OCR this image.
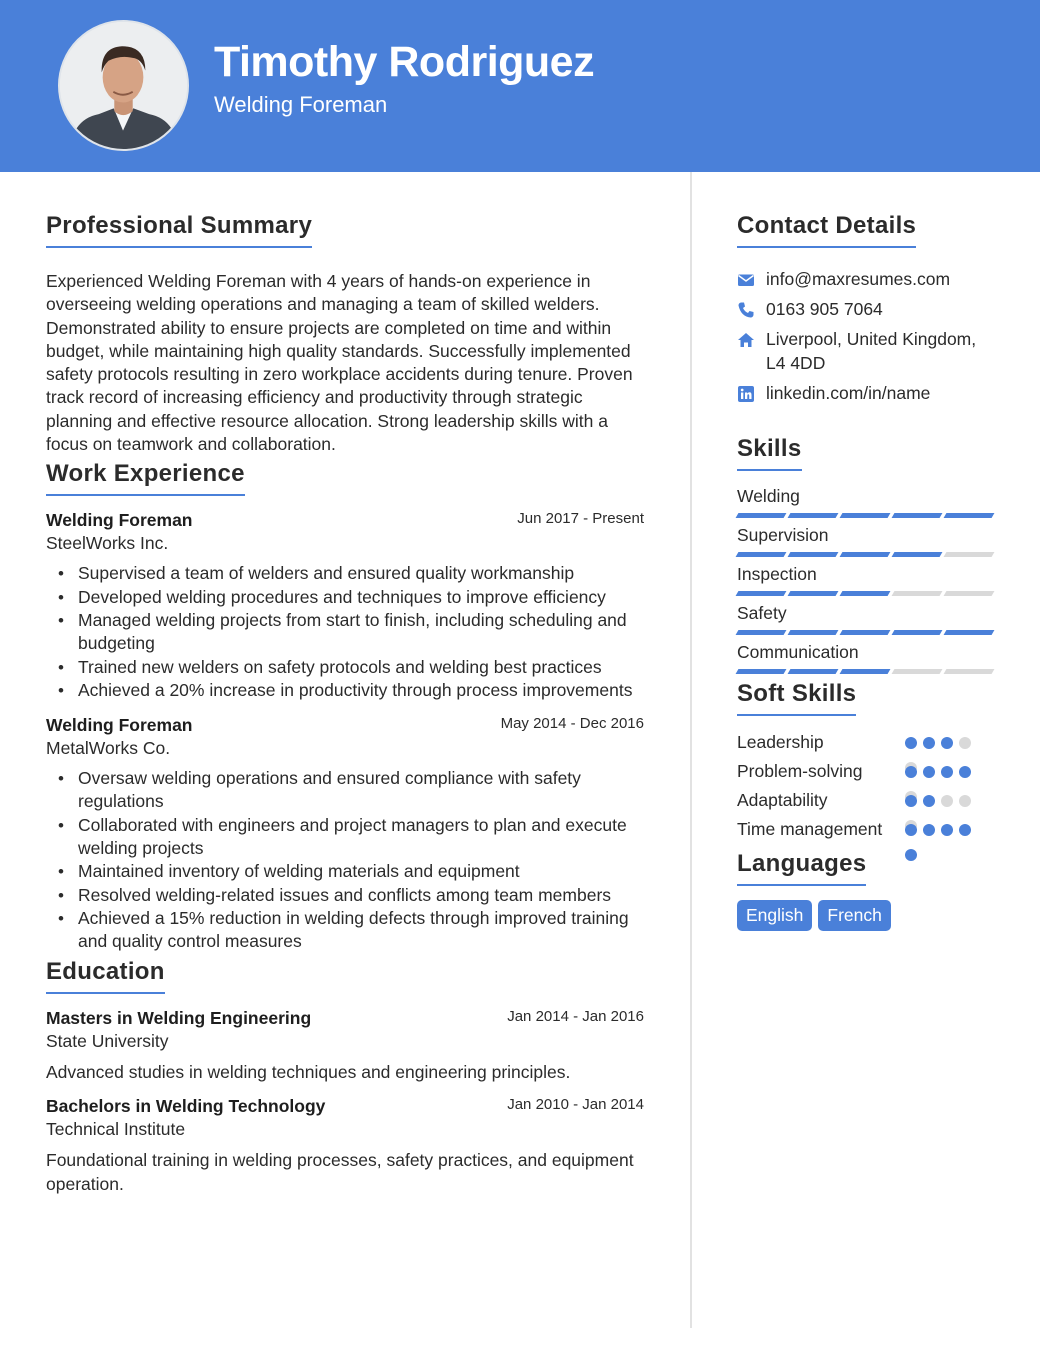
Timothy Rodriguez
Welding Foreman
Professional Summary

Experienced Welding Foreman with 4 years of hands-on experience in overseeing welding operations and managing a team of skilled welders. Demonstrated ability to ensure projects are completed on time and within budget, while maintaining high quality standards. Successfully implemented safety protocols resulting in zero workplace accidents during tenure. Proven track record of increasing efficiency and productivity through strategic planning and effective resource allocation. Strong leadership skills with a focus on teamwork and collaboration.

Work Experience
Welding Foreman	Jun 2017 - Present
SteelWorks Inc.
• Supervised a team of welders and ensured quality workmanship
• Developed welding procedures and techniques to improve efficiency
• Managed welding projects from start to finish, including scheduling and budgeting
• Trained new welders on safety protocols and welding best practices
• Achieved a 20% increase in productivity through process improvements
Welding Foreman	May 2014 - Dec 2016
MetalWorks Co.
• Oversaw welding operations and ensured compliance with safety regulations
• Collaborated with engineers and project managers to plan and execute welding projects
• Maintained inventory of welding materials and equipment
• Resolved welding-related issues and conflicts among team members
• Achieved a 15% reduction in welding defects through improved training and quality control measures
Education
Masters in Welding Engineering	Jan 2014 - Jan 2016
State University

Advanced studies in welding techniques and engineering principles.

Bachelors in Welding Technology	Jan 2010 - Jan 2014
Technical Institute

Foundational training in welding processes, safety practices, and equipment operation.

Contact Details
info@maxresumes.com
0163 905 7064
Liverpool, United Kingdom, L4 4DD
linkedin.com/in/name
Skills
Welding
Supervision
Inspection
Safety
Communication
Soft Skills
Leadership
Problem-solving
Adaptability
Time management
Languages
English	French
